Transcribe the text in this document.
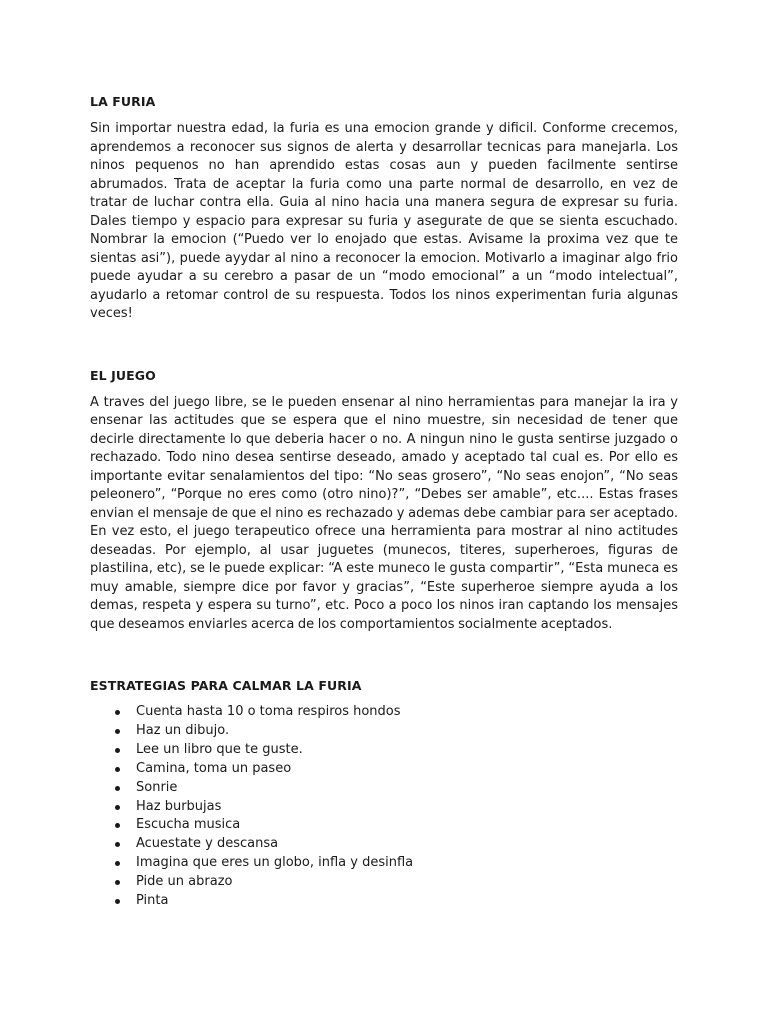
LA FURIA

Sin importar nuestra edad, la furia es una emocion grande y dificil. Conforme crecemos, aprendemos a reconocer sus signos de alerta y desarrollar tecnicas para manejarla. Los ninos pequenos no han aprendido estas cosas aun y pueden facilmente sentirse abrumados. Trata de aceptar la furia como una parte normal de desarrollo, en vez de tratar de luchar contra ella. Guia al nino hacia una manera segura de expresar su furia. Dales tiempo y espacio para expresar su furia y asegurate de que se sienta escuchado. Nombrar la emocion (“Puedo ver lo enojado que estas. Avisame la proxima vez que te sientas asi”), puede ayydar al nino a reconocer la emocion. Motivarlo a imaginar algo frio puede ayudar a su cerebro a pasar de un “modo emocional” a un “modo intelectual”, ayudarlo a retomar control de su respuesta. Todos los ninos experimentan furia algunas veces!

EL JUEGO

A traves del juego libre, se le pueden ensenar al nino herramientas para manejar la ira y ensenar las actitudes que se espera que el nino muestre, sin necesidad de tener que decirle directamente lo que deberia hacer o no. A ningun nino le gusta sentirse juzgado o rechazado. Todo nino desea sentirse deseado, amado y aceptado tal cual es. Por ello es importante evitar senalamientos del tipo: “No seas grosero”, “No seas enojon”, “No seas peleonero”, “Porque no eres como (otro nino)?”, “Debes ser amable”, etc.... Estas frases envian el mensaje de que el nino es rechazado y ademas debe cambiar para ser aceptado. En vez esto, el juego terapeutico ofrece una herramienta para mostrar al nino actitudes deseadas. Por ejemplo, al usar juguetes (munecos, titeres, superheroes, figuras de plastilina, etc), se le puede explicar: “A este muneco le gusta compartir”, “Esta muneca es muy amable, siempre dice por favor y gracias”, “Este superheroe siempre ayuda a los demas, respeta y espera su turno”, etc. Poco a poco los ninos iran captando los mensajes que deseamos enviarles acerca de los comportamientos socialmente aceptados.

ESTRATEGIAS PARA CALMAR LA FURIA
Cuenta hasta 10 o toma respiros hondos
Haz un dibujo.
Lee un libro que te guste.
Camina, toma un paseo
Sonrie
Haz burbujas
Escucha musica
Acuestate y descansa
Imagina que eres un globo, infla y desinfla
Pide un abrazo
Pinta
